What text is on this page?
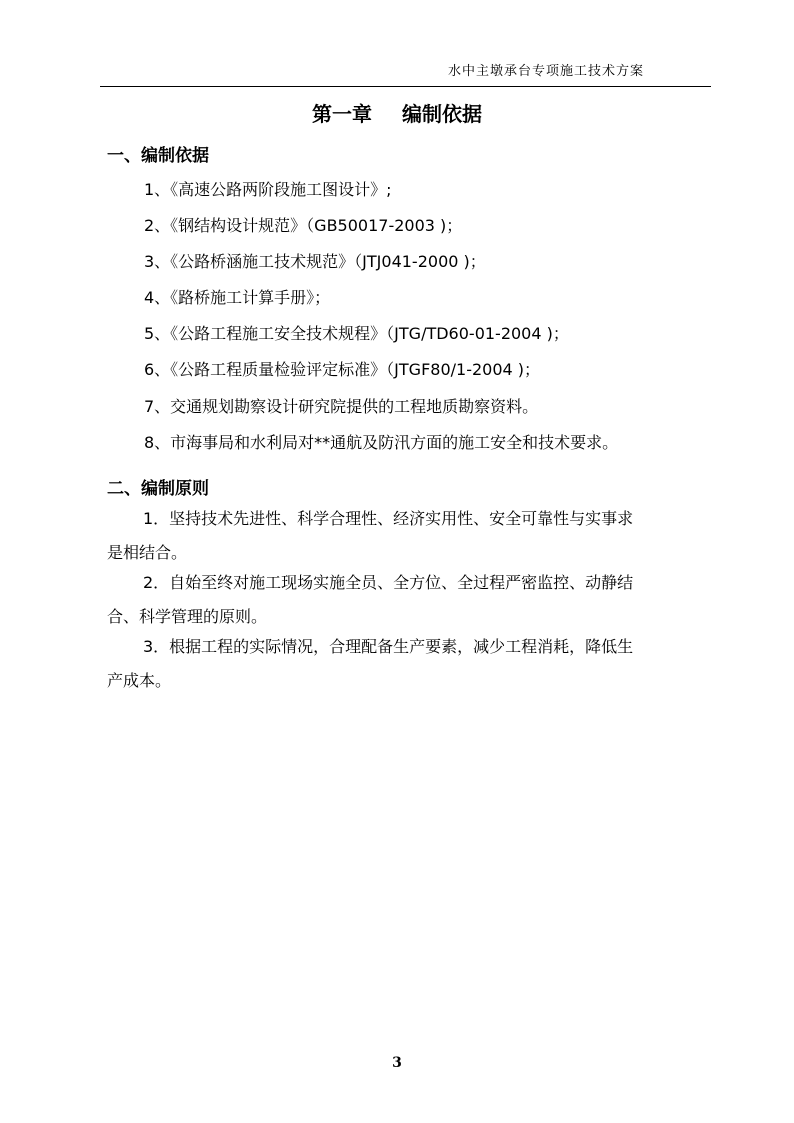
水中主墩承台专项施工技术方案
第一章 编制依据
一、编制依据
1、《高速公路两阶段施工图设计》;
2、《钢结构设计规范》（GB50017-2003 )；
3、《公路桥涵施工技术规范》（JTJ041-2000 )；
4、《路桥施工计算手册》；
5、《公路工程施工安全技术规程》（JTG/TD60-01-2004 )；
6、《公路工程质量检验评定标准》（JTGF80/1-2004 )；
7、交通规划勘察设计研究院提供的工程地质勘察资料。
8、市海事局和水利局对**通航及防汛方面的施工安全和技术要求。
二、编制原则
1．坚持技术先进性、科学合理性、经济实用性、安全可靠性与实事求
是相结合。
2．自始至终对施工现场实施全员、全方位、全过程严密监控、动静结
合、科学管理的原则。
3．根据工程的实际情况，合理配备生产要素，减少工程消耗，降低生
产成本。
3
